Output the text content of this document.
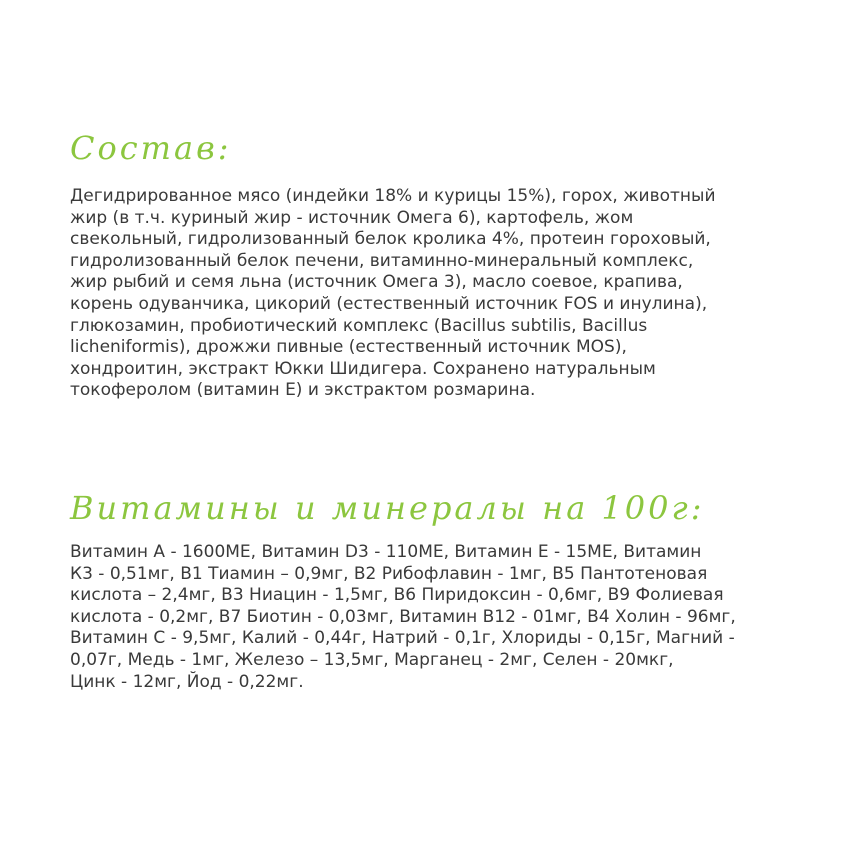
Состав:

Дегидрированное мясо (индейки 18% и курицы 15%), горох, животный
жир (в т.ч. куриный жир - источник Омега 6), картофель, жом
свекольный, гидролизованный белок кролика 4%, протеин гороховый,
гидролизованный белок печени, витаминно-минеральный комплекс,
жир рыбий и семя льна (источник Омега 3), масло соевое, крапива,
корень одуванчика, цикорий (естественный источник FOS и инулина),
глюкозамин, пробиотический комплекс (Bacillus subtilis, Bacillus
licheniformis), дрожжи пивные (естественный источник MOS),
хондроитин, экстракт Юкки Шидигера. Сохранено натуральным
токоферолом (витамин Е) и экстрактом розмарина.

Витамины и минералы на 100г:

Витамин A - 1600МЕ, Витамин D3 - 110МЕ, Витамин Е - 15МЕ, Витамин
К3 - 0,51мг, B1 Тиамин – 0,9мг, B2 Рибофлавин - 1мг, B5 Пантотеновая
кислота – 2,4мг, B3 Ниацин - 1,5мг, B6 Пиридоксин - 0,6мг, B9 Фолиевая
кислота - 0,2мг, B7 Биотин - 0,03мг, Витамин B12 - 01мг, B4 Холин - 96мг,
Витамин С - 9,5мг, Калий - 0,44г, Натрий - 0,1г, Хлориды - 0,15г, Магний -
0,07г, Медь - 1мг, Железо – 13,5мг, Марганец - 2мг, Селен - 20мкг,
Цинк - 12мг, Йод - 0,22мг.
